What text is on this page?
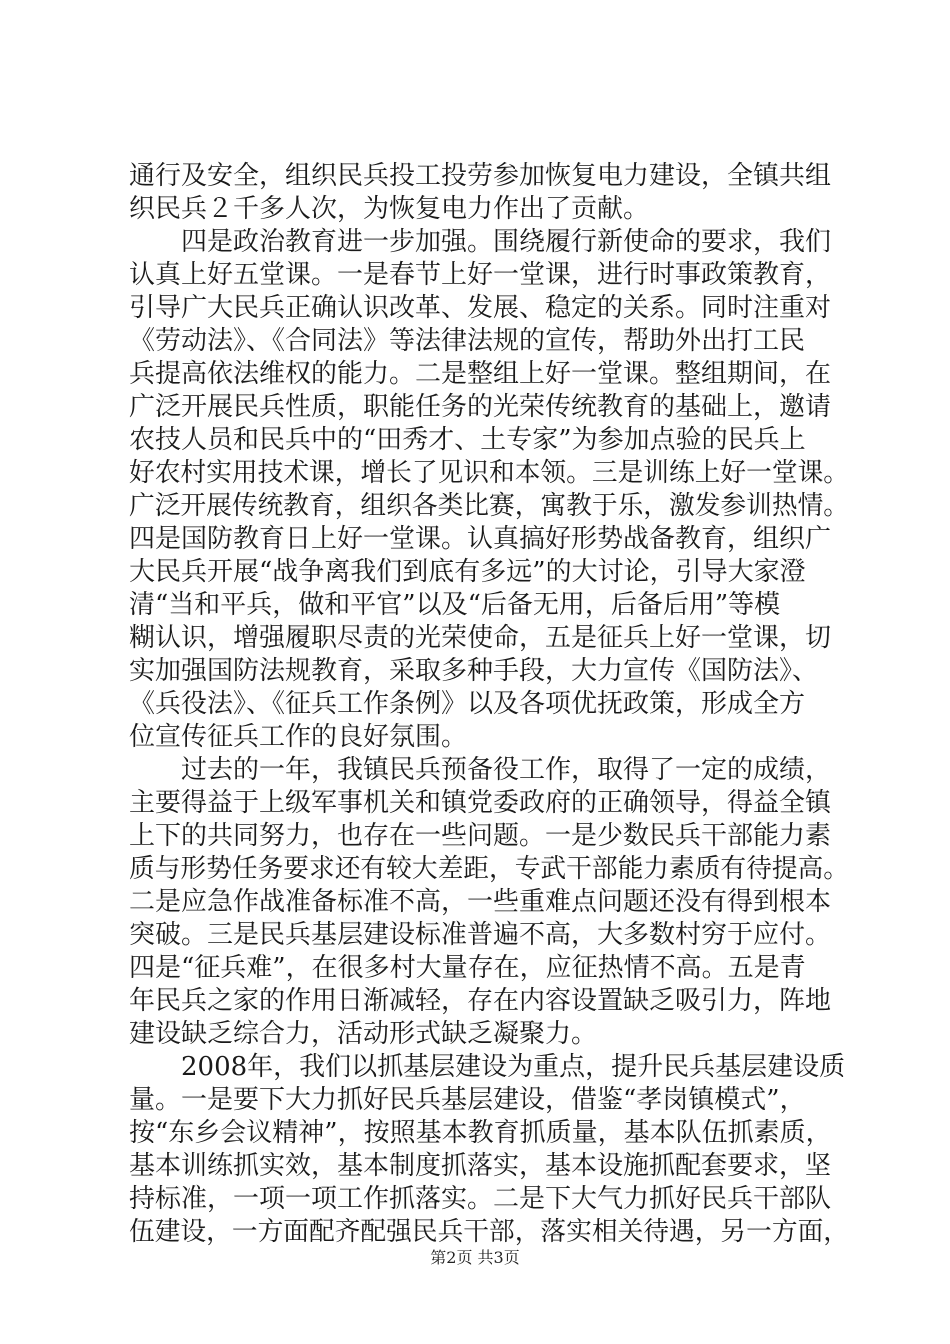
通行及安全，组织民兵投工投劳参加恢复电力建设，全镇共组
织民兵２千多人次，为恢复电力作出了贡献。
四是政治教育进一步加强。围绕履行新使命的要求，我们
认真上好五堂课。一是春节上好一堂课，进行时事政策教育，
引导广大民兵正确认识改革、发展、稳定的关系。同时注重对
《劳动法》、《合同法》等法律法规的宣传，帮助外出打工民
兵提高依法维权的能力。二是整组上好一堂课。整组期间，在
广泛开展民兵性质，职能任务的光荣传统教育的基础上，邀请
农技人员和民兵中的“田秀才、土专家”为参加点验的民兵上
好农村实用技术课，增长了见识和本领。三是训练上好一堂课。
广泛开展传统教育，组织各类比赛，寓教于乐，激发参训热情。
四是国防教育日上好一堂课。认真搞好形势战备教育，组织广
大民兵开展“战争离我们到底有多远”的大讨论，引导大家澄
清“当和平兵，做和平官”以及“后备无用，后备后用”等模
糊认识，增强履职尽责的光荣使命，五是征兵上好一堂课，切
实加强国防法规教育，采取多种手段，大力宣传《国防法》、
《兵役法》、《征兵工作条例》以及各项优抚政策，形成全方
位宣传征兵工作的良好氛围。
过去的一年，我镇民兵预备役工作，取得了一定的成绩，
主要得益于上级军事机关和镇党委政府的正确领导，得益全镇
上下的共同努力，也存在一些问题。一是少数民兵干部能力素
质与形势任务要求还有较大差距，专武干部能力素质有待提高。
二是应急作战准备标准不高，一些重难点问题还没有得到根本
突破。三是民兵基层建设标准普遍不高，大多数村穷于应付。
四是“征兵难”，在很多村大量存在，应征热情不高。五是青
年民兵之家的作用日渐减轻，存在内容设置缺乏吸引力，阵地
建设缺乏综合力，活动形式缺乏凝聚力。
2008年，我们以抓基层建设为重点，提升民兵基层建设质
量。一是要下大力抓好民兵基层建设，借鉴“孝岗镇模式”，
按“东乡会议精神”，按照基本教育抓质量，基本队伍抓素质，
基本训练抓实效，基本制度抓落实，基本设施抓配套要求，坚
持标准，一项一项工作抓落实。二是下大气力抓好民兵干部队
伍建设，一方面配齐配强民兵干部，落实相关待遇，另一方面，
第2页 共3页
